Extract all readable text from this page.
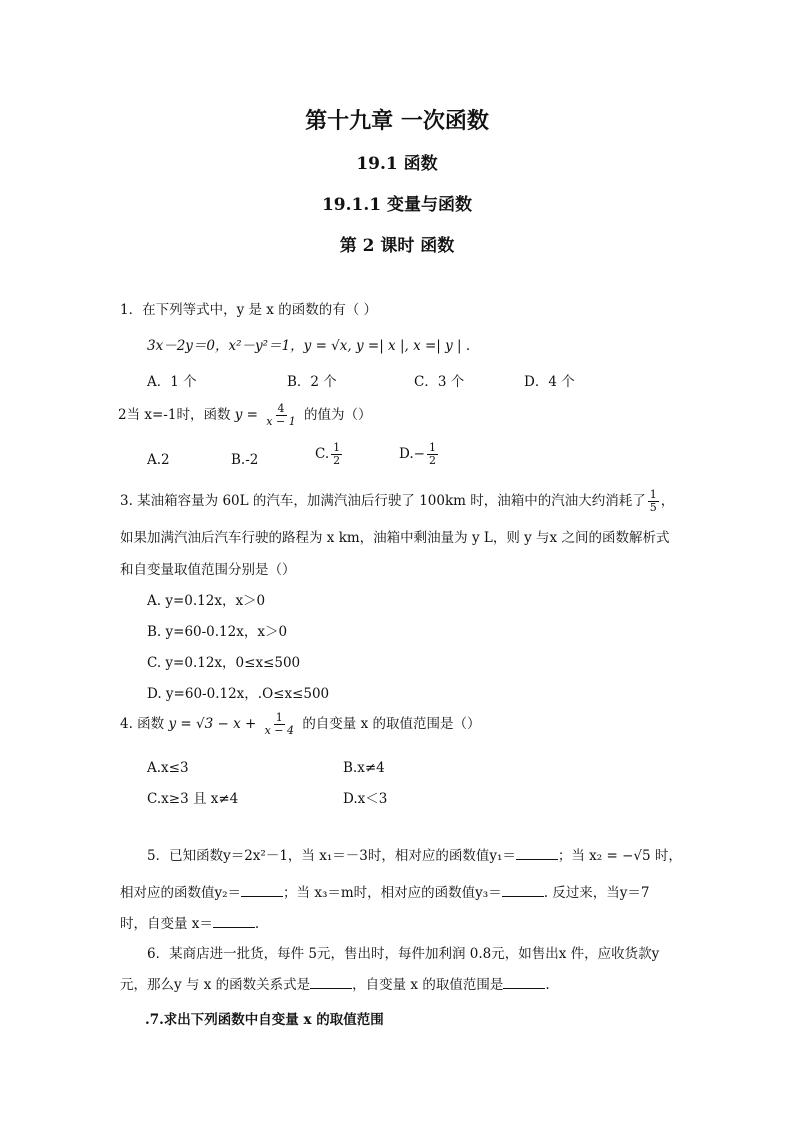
第十九章 一次函数
19.1 函数
19.1.1 变量与函数
第 2 课时 函数
1．在下列等式中，y 是 x 的函数的有（ ）
3x－2y＝0，x²－y²＝1，y = √x, y =| x |, x =| y | .
A．1 个	B．2 个	C．3 个	D．4 个
2当 x=-1时，函数 $y = \frac{4}{x - 1}$ 的值为（）
A.2	B.-2	C. $\frac{1}{2}$	$D.- \frac{1}{2}$
3. 某油箱容量为 60L 的汽车，加满汽油后行驶了 100km 时，油箱中的汽油大约消耗了 $\frac{1}{5}$ ，
如果加满汽油后汽车行驶的路程为 x km，油箱中剩油量为 y L，则 y 与x 之间的函数解析式
和自变量取值范围分别是（）
A. y=0.12x，x＞0
B. y=60-0.12x，x＞0
C. y=0.12x，0≤x≤500
D. y=60-0.12x，.O≤x≤500
4. 函数 $y = √3 - x + \frac{1}{x - 4}$ 的自变量 x 的取值范围是（）
A.x≤3	B.x≠4
C.x≥3 且 x≠4	D.x＜3
5．已知函数y＝2x²－1，当 x₁＝－3时，相对应的函数值y₁＝	；当 x₂ = −√5 时，
相对应的函数值y₂＝	；当 x₃＝m时，相对应的函数值y₃＝	. 反过来，当y＝7
时，自变量 x＝	.
6．某商店进一批货，每件 5元，售出时，每件加利润 0.8元，如售出x 件，应收货款y
元，那么y 与 x 的函数关系式是	，自变量 x 的取值范围是	.
.7.求出下列函数中自变量 x 的取值范围
